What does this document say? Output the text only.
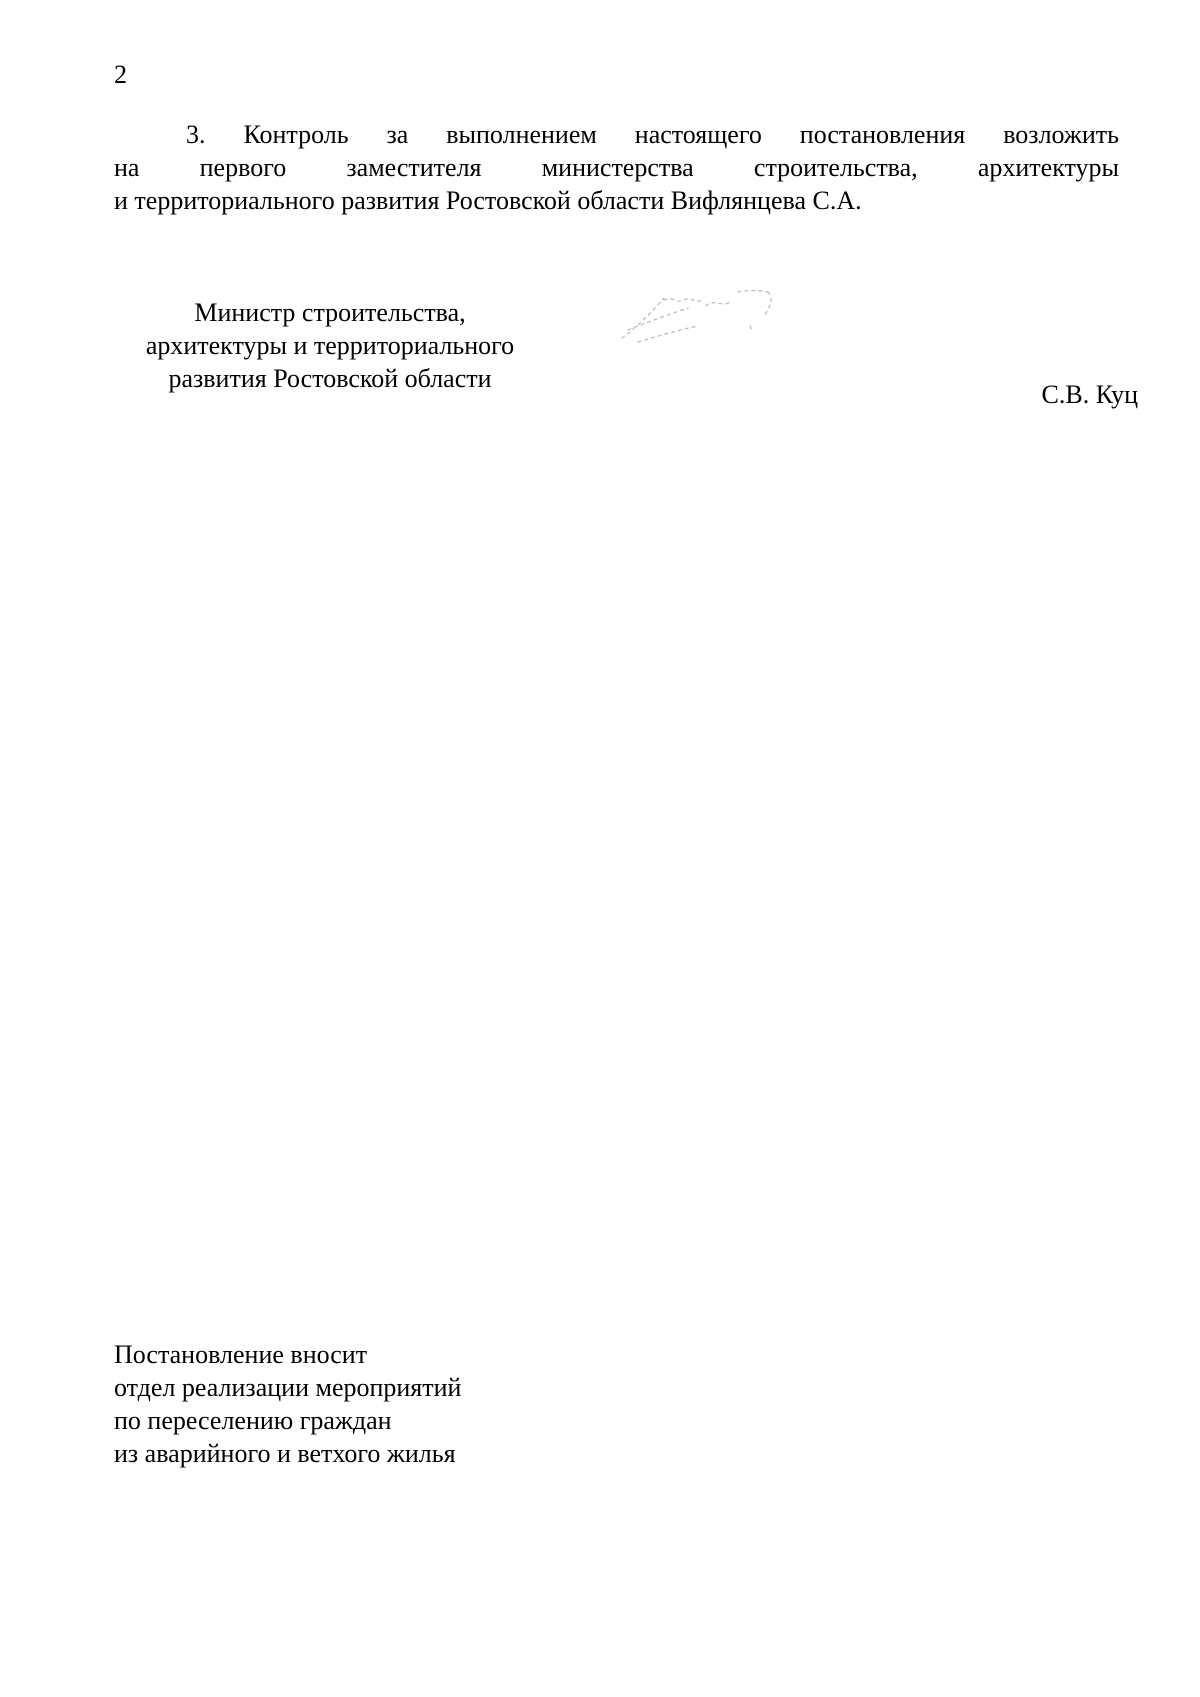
2
3. Контроль за выполнением настоящего постановления возложить
на первого заместителя министерства строительства, архитектуры
и территориального развития Ростовской области Вифлянцева С.А.
Министр строительства,
архитектуры и территориального
развития Ростовской области
С.В. Куц
Постановление вносит
отдел реализации мероприятий
по переселению граждан
из аварийного и ветхого жилья
